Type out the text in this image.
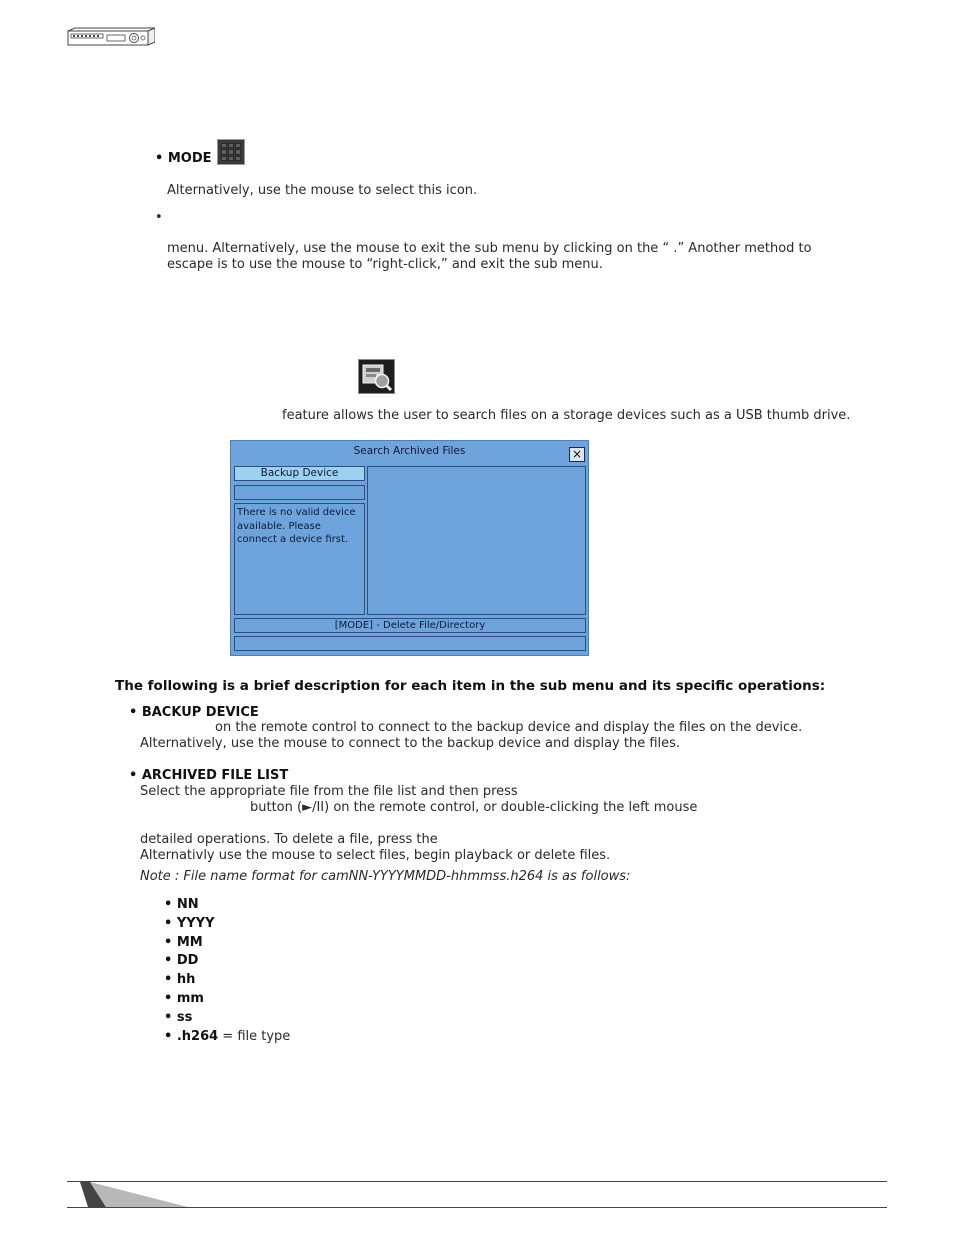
• MODE
Alternatively, use the mouse to select this icon.
•
menu. Alternatively, use the mouse to exit the sub menu by clicking on the “ .” Another method to
escape is to use the mouse to “right-click,” and exit the sub menu.
feature allows the user to search files on a storage devices such as a USB thumb drive.
Search Archived Files	×
Backup Device
There is no valid device available. Please connect a device first.
[MODE] - Delete File/Directory
The following is a brief description for each item in the sub menu and its specific operations:
• BACKUP DEVICE
on the remote control to connect to the backup device and display the files on the device.
Alternatively, use the mouse to connect to the backup device and display the files.
• ARCHIVED FILE LIST
Select the appropriate file from the file list and then press
button (►/II) on the remote control, or double-clicking the left mouse
detailed operations. To delete a file, press the
Alternativly use the mouse to select files, begin playback or delete files.
Note : File name format for camNN-YYYYMMDD-hhmmss.h264 is as follows:
• NN
• YYYY
• MM
• DD
• hh
• mm
• ss
• .h264 = file type
